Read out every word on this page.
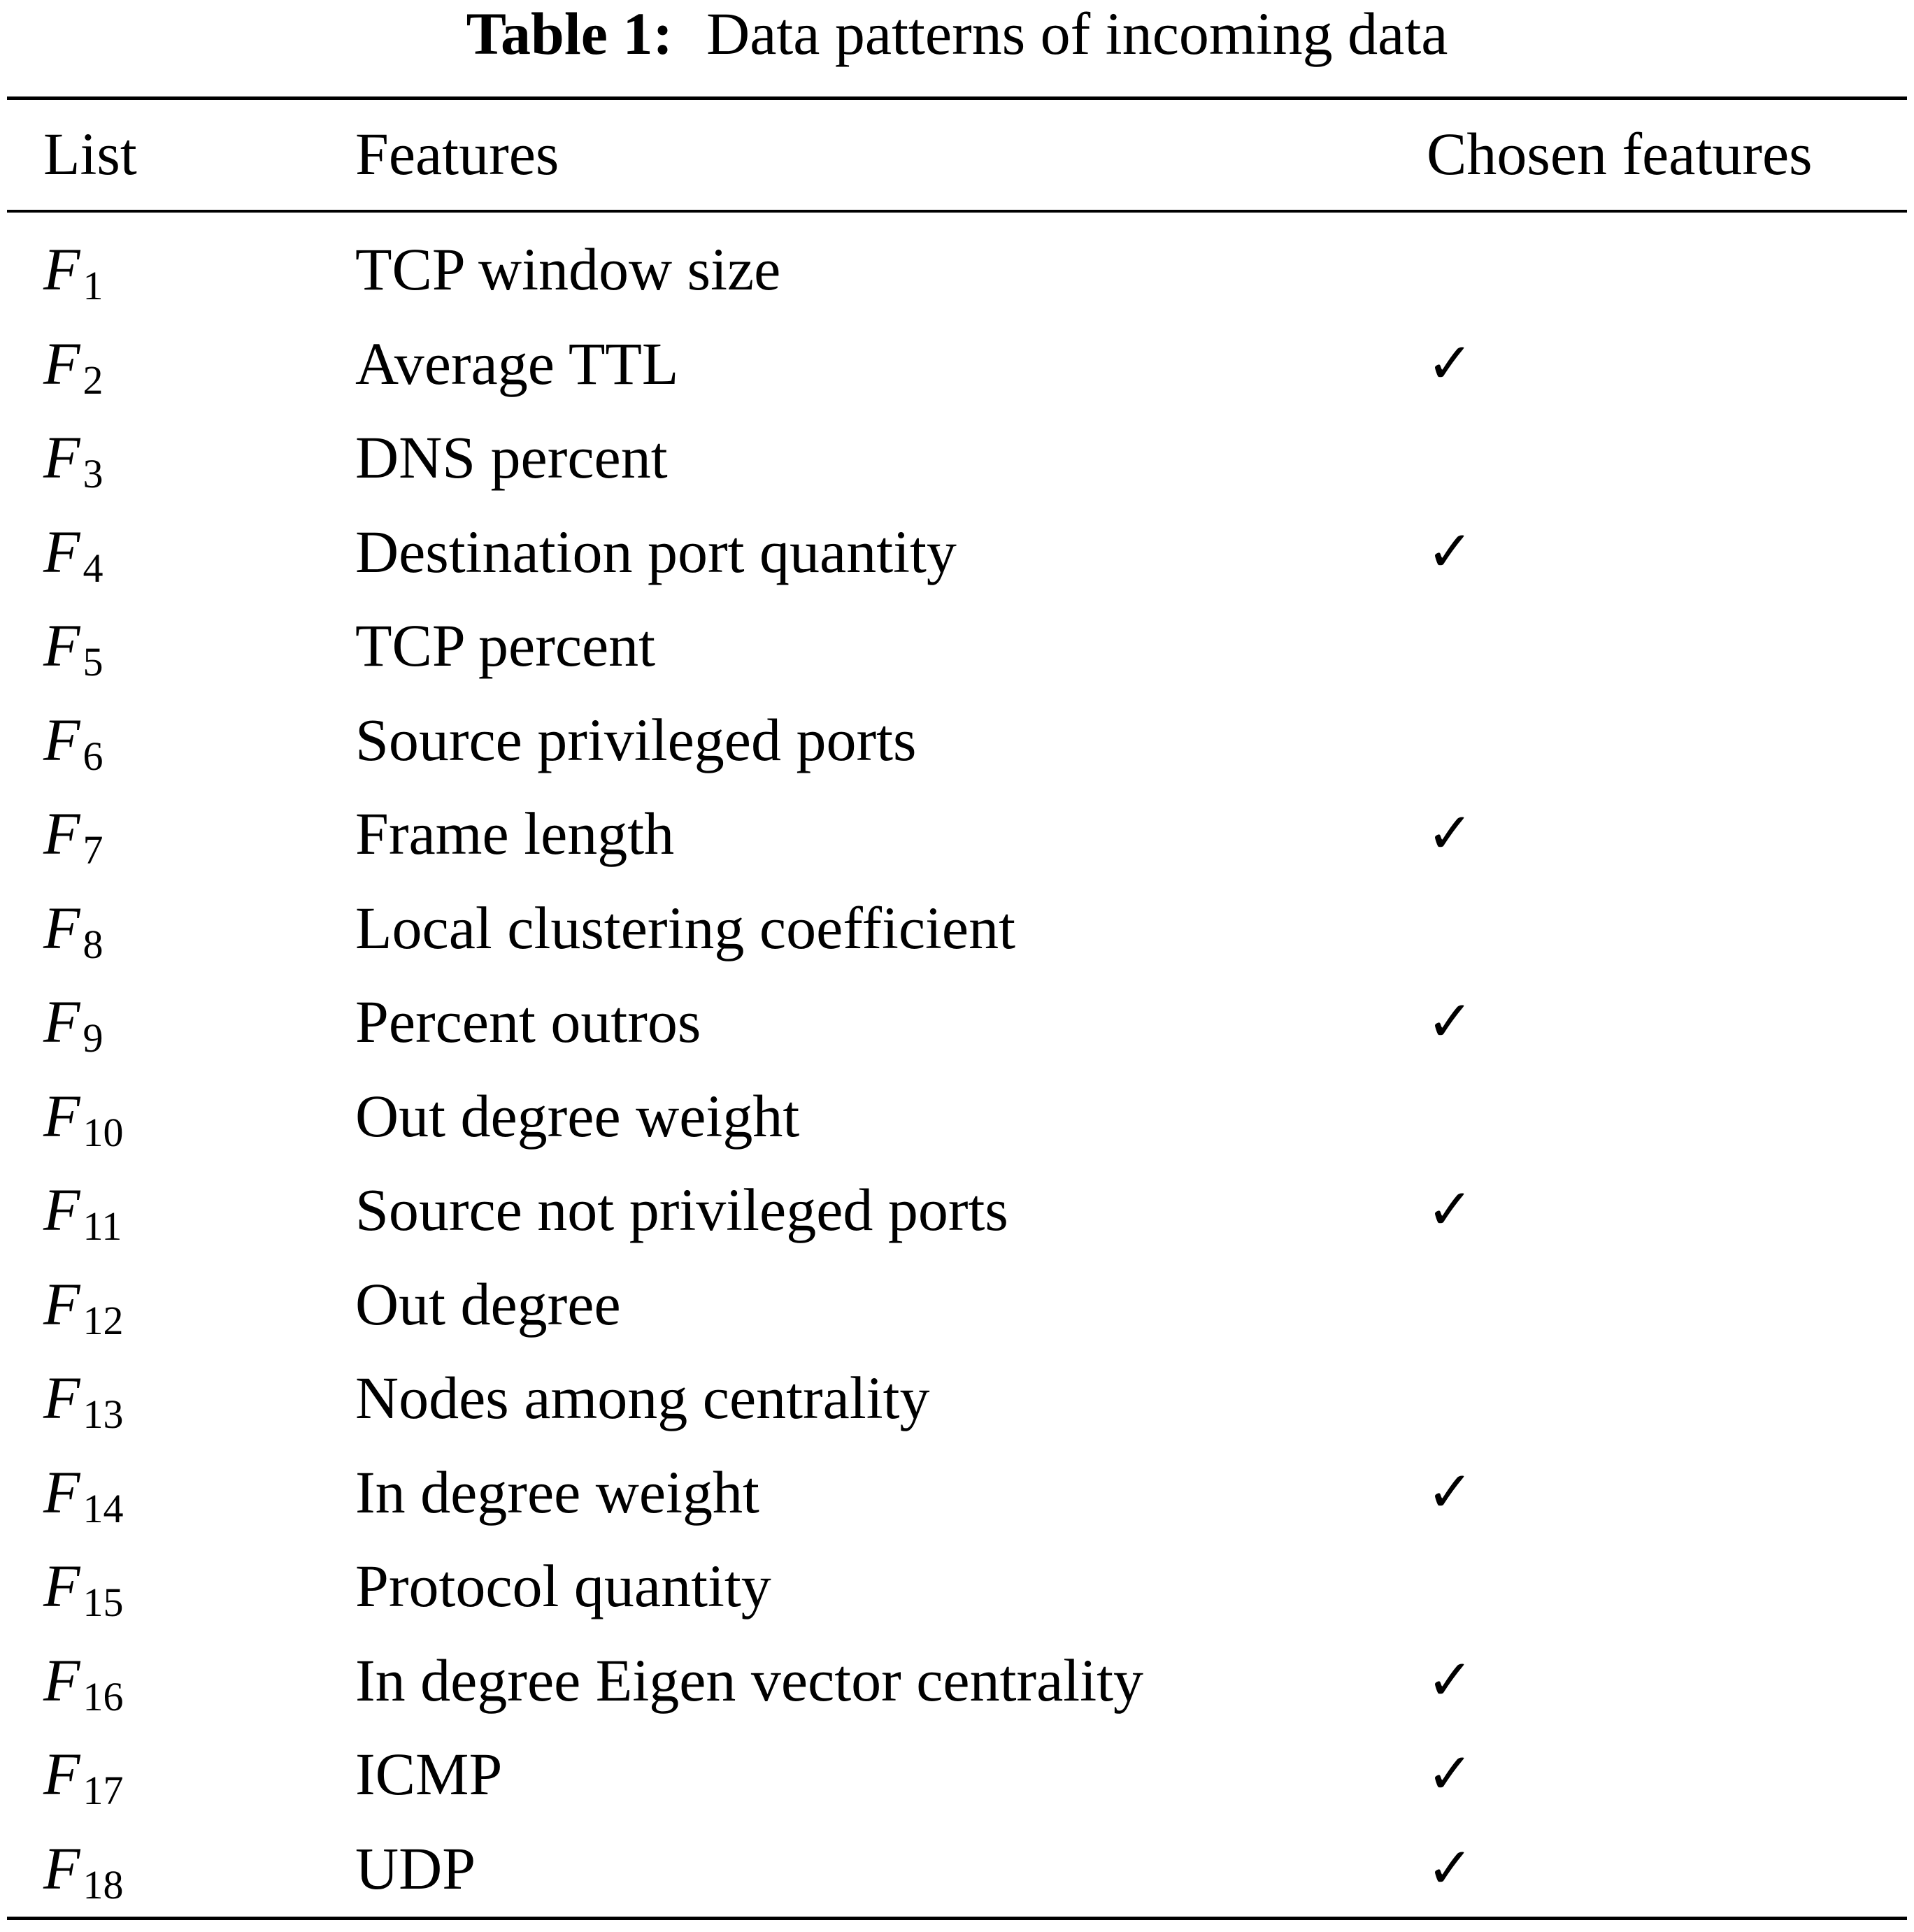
Table 1: Data patterns of incoming data
List	Features	Chosen features
F1	TCP window size
F2	Average TTL	✓
F3	DNS percent
F4	Destination port quantity	✓
F5	TCP percent
F6	Source privileged ports
F7	Frame length	✓
F8	Local clustering coefficient
F9	Percent outros	✓
F10	Out degree weight
F11	Source not privileged ports	✓
F12	Out degree
F13	Nodes among centrality
F14	In degree weight	✓
F15	Protocol quantity
F16	In degree Eigen vector centrality	✓
F17	ICMP	✓
F18	UDP	✓
